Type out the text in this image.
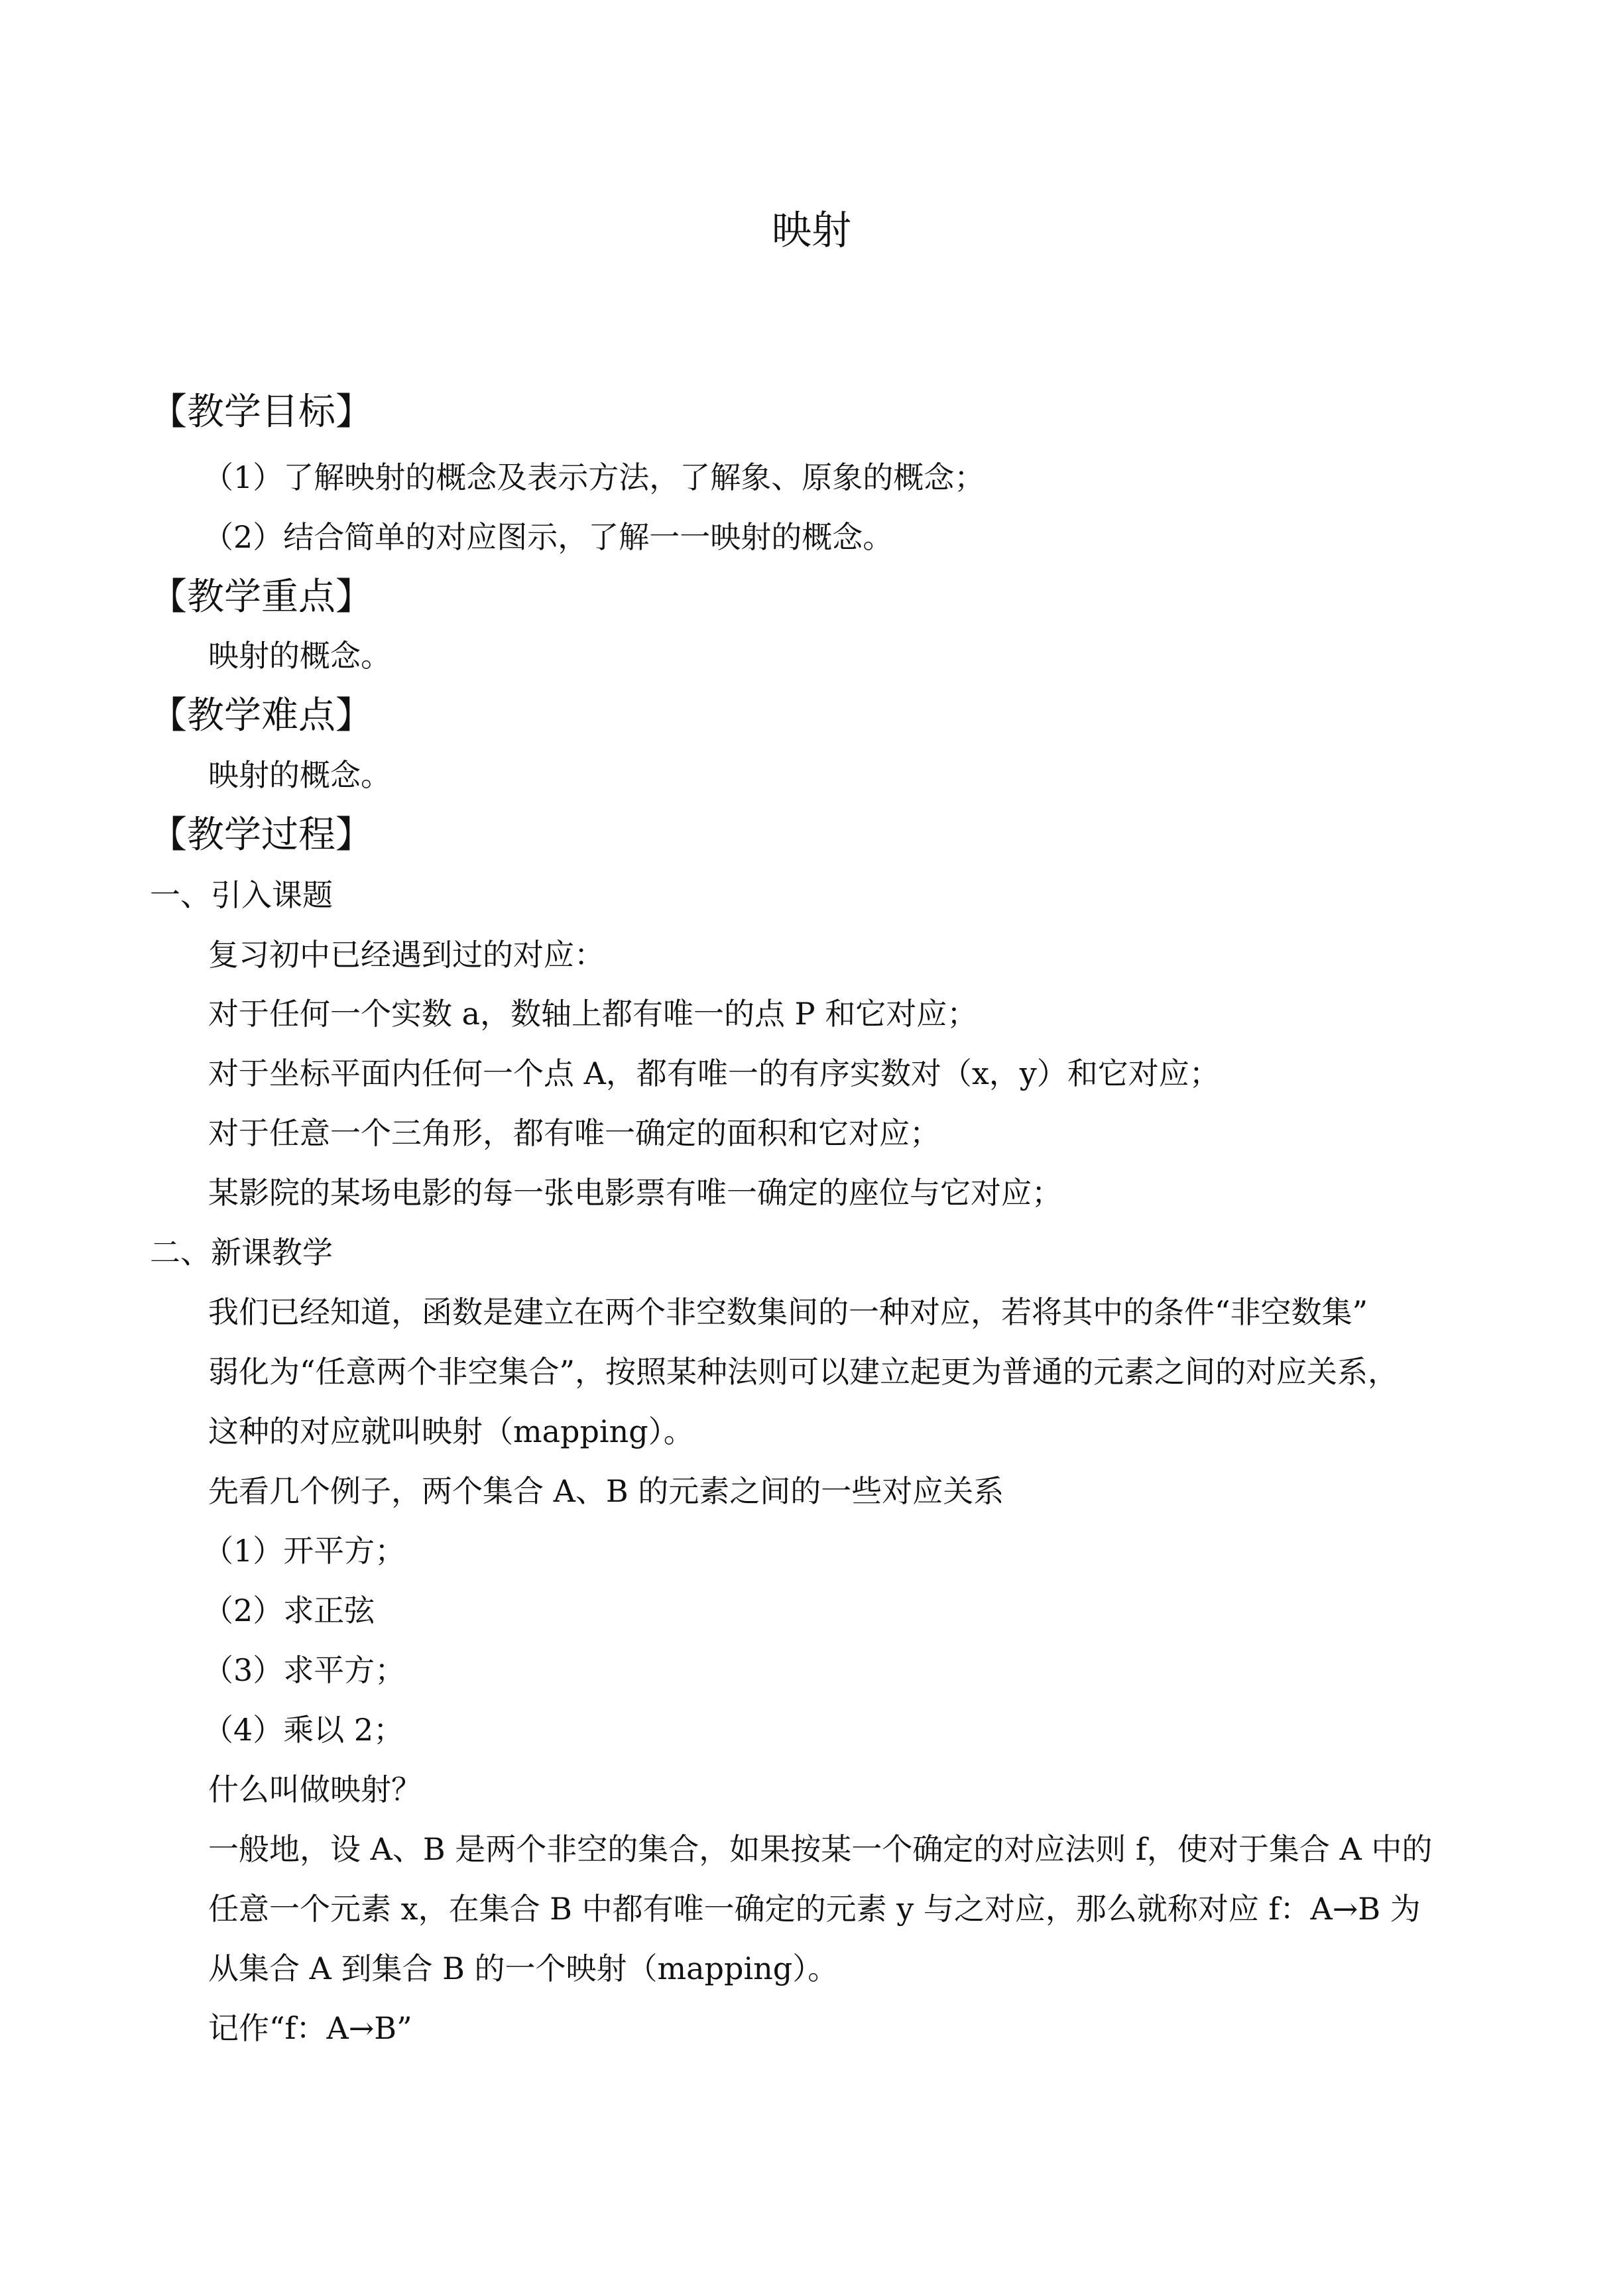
映射
【教学目标】
（1）了解映射的概念及表示方法，了解象、原象的概念；
（2）结合简单的对应图示，了解一一映射的概念。
【教学重点】
映射的概念。
【教学难点】
映射的概念。
【教学过程】
一、引入课题
复习初中已经遇到过的对应：
对于任何一个实数 a，数轴上都有唯一的点 P 和它对应；
对于坐标平面内任何一个点 A，都有唯一的有序实数对（x，y）和它对应；
对于任意一个三角形，都有唯一确定的面积和它对应；
某影院的某场电影的每一张电影票有唯一确定的座位与它对应；
二、新课教学
我们已经知道，函数是建立在两个非空数集间的一种对应，若将其中的条件“非空数集”
弱化为“任意两个非空集合”，按照某种法则可以建立起更为普通的元素之间的对应关系，
这种的对应就叫映射（mapping）。
先看几个例子，两个集合 A、B 的元素之间的一些对应关系
（1）开平方；
（2）求正弦
（3）求平方；
（4）乘以 2；
什么叫做映射？
一般地，设 A、B 是两个非空的集合，如果按某一个确定的对应法则 f，使对于集合 A 中的
任意一个元素 x，在集合 B 中都有唯一确定的元素 y 与之对应，那么就称对应 f：A→B 为
从集合 A 到集合 B 的一个映射（mapping）。
记作“f：A→B”
